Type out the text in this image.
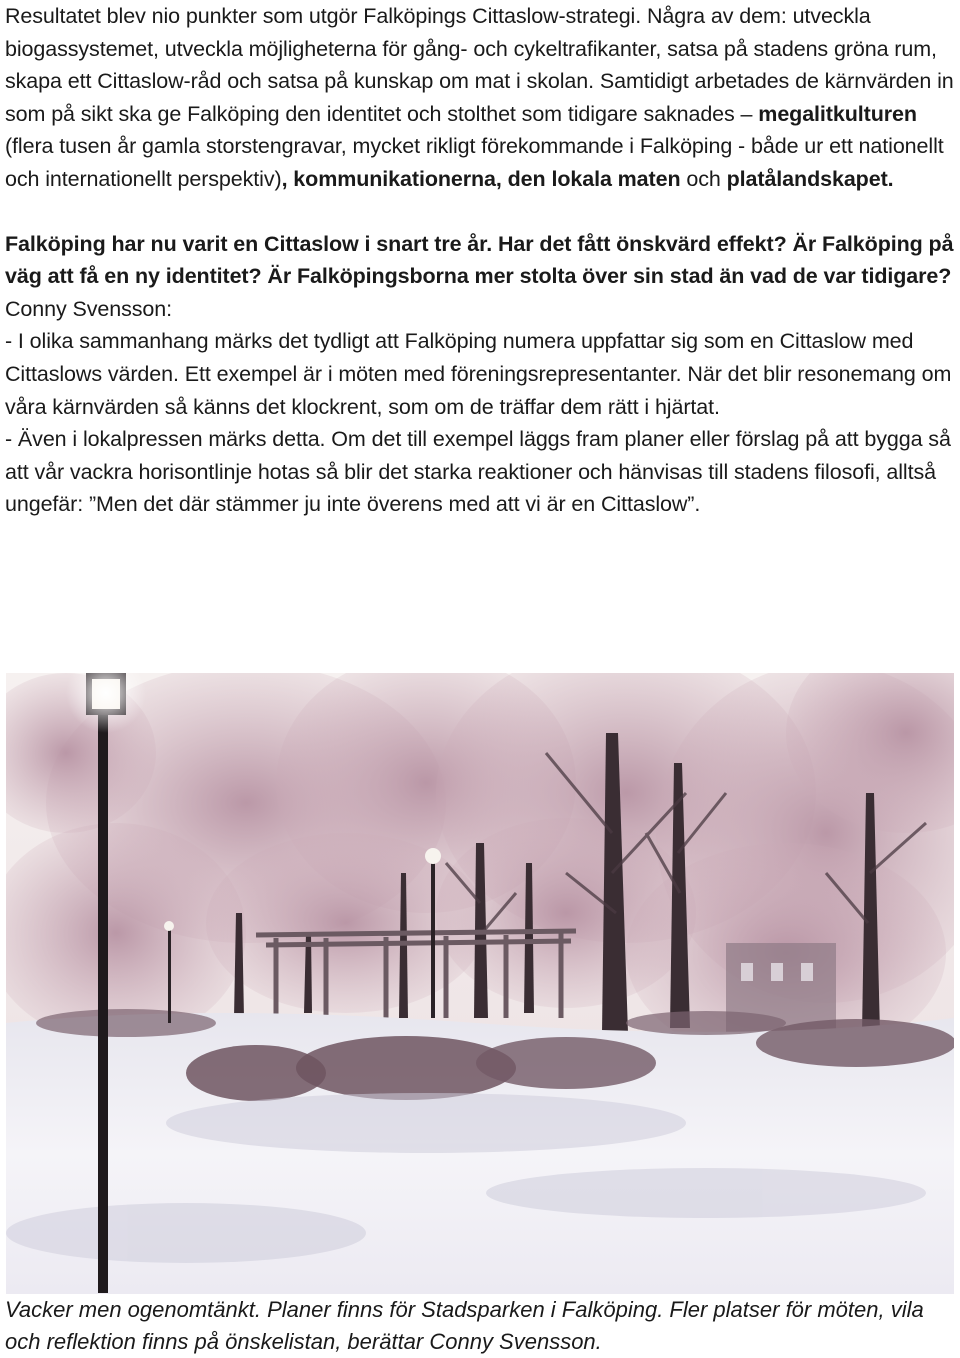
Resultatet blev nio punkter som utgör Falköpings Cittaslow-strategi. Några av dem: utveckla biogassystemet, utveckla möjligheterna för gång- och cykeltrafikanter, satsa på stadens gröna rum, skapa ett Cittaslow-råd och satsa på kunskap om mat i skolan. Samtidigt arbetades de kärnvärden in som på sikt ska ge Falköping den identitet och stolthet som tidigare saknades – megalitkulturen (flera tusen år gamla storstengravar, mycket rikligt förekommande i Falköping - både ur ett nationellt och internationellt perspektiv), kommunikationerna, den lokala maten och platålandskapet.

Falköping har nu varit en Cittaslow i snart tre år. Har det fått önskvärd effekt? Är Falköping på väg att få en ny identitet? Är Falköpingsborna mer stolta över sin stad än vad de var tidigare?

Conny Svensson:

- I olika sammanhang märks det tydligt att Falköping numera uppfattar sig som en Cittaslow med Cittaslows värden. Ett exempel är i möten med föreningsrepresentanter. När det blir resonemang om våra kärnvärden så känns det klockrent, som om de träffar dem rätt i hjärtat.

- Även i lokalpressen märks detta. Om det till exempel läggs fram planer eller förslag på att bygga så att vår vackra horisontlinje hotas så blir det starka reaktioner och hänvisas till stadens filosofi, alltså ungefär: ”Men det där stämmer ju inte överens med att vi är en Cittaslow”.

Vacker men ogenomtänkt. Planer finns för Stadsparken i Falköping. Fler platser för möten, vila och reflektion finns på önskelistan, berättar Conny Svensson.
